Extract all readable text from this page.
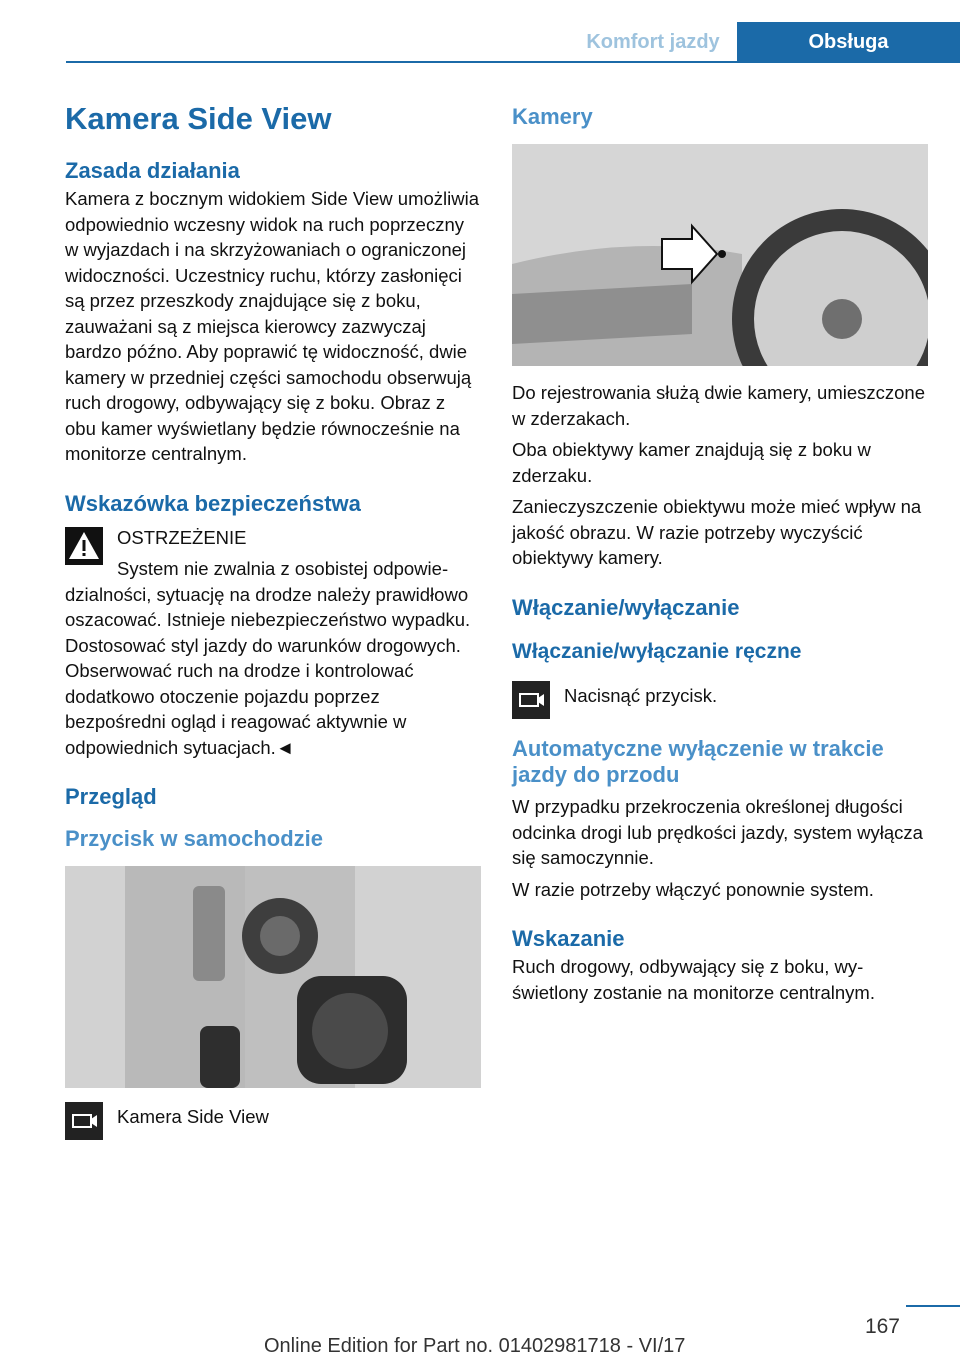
Komfort jazdy	Obsługa
Kamera Side View
Zasada działania

Kamera z bocznym widokiem Side View umożliwia odpowiednio wczesny widok na ruch poprzeczny w wyjazdach i na skrzyżowaniach o ograniczonej widoczności. Uczestnicy ruchu, którzy zasłonięci są przez przeszkody znajdujące się z boku, zauważani są z miejsca kierowcy zazwyczaj bardzo późno. Aby poprawić tę widoczność, dwie kamery w przedniej części samochodu obserwują ruch drogowy, odbywający się z boku. Obraz z obu kamer wyświetlany będzie równocześnie na monitorze centralnym.

Wskazówka bezpieczeństwa

OSTRZEŻENIE

System nie zwalnia z osobistej odpowiedzialności, sytuację na drodze należy prawidłowo oszacować. Istnieje niebezpieczeństwo wypadku. Dostosować styl jazdy do warunków drogowych. Obserwować ruch na drodze i kontrolować dodatkowo otoczenie pojazdu poprzez bezpośredni ogląd i reagować aktywnie w odpowiednich sytuacjach.◄

Przegląd
Przycisk w samochodzie

Kamera Side View

Kamery

Do rejestrowania służą dwie kamery, umieszczone w zderzakach.

Oba obiektywy kamer znajdują się z boku w zderzaku.

Zanieczyszczenie obiektywu może mieć wpływ na jakość obrazu. W razie potrzeby wyczyścić obiektywy kamery.

Włączanie/wyłączanie
Włączanie/wyłączanie ręczne

Nacisnąć przycisk.

Automatyczne wyłączenie w trakcie jazdy do przodu

W przypadku przekroczenia określonej długości odcinka drogi lub prędkości jazdy, system wyłącza się samoczynnie.

W razie potrzeby włączyć ponownie system.

Wskazanie

Ruch drogowy, odbywający się z boku, wyświetlony zostanie na monitorze centralnym.

167
Online Edition for Part no. 01402981718 - VI/17
